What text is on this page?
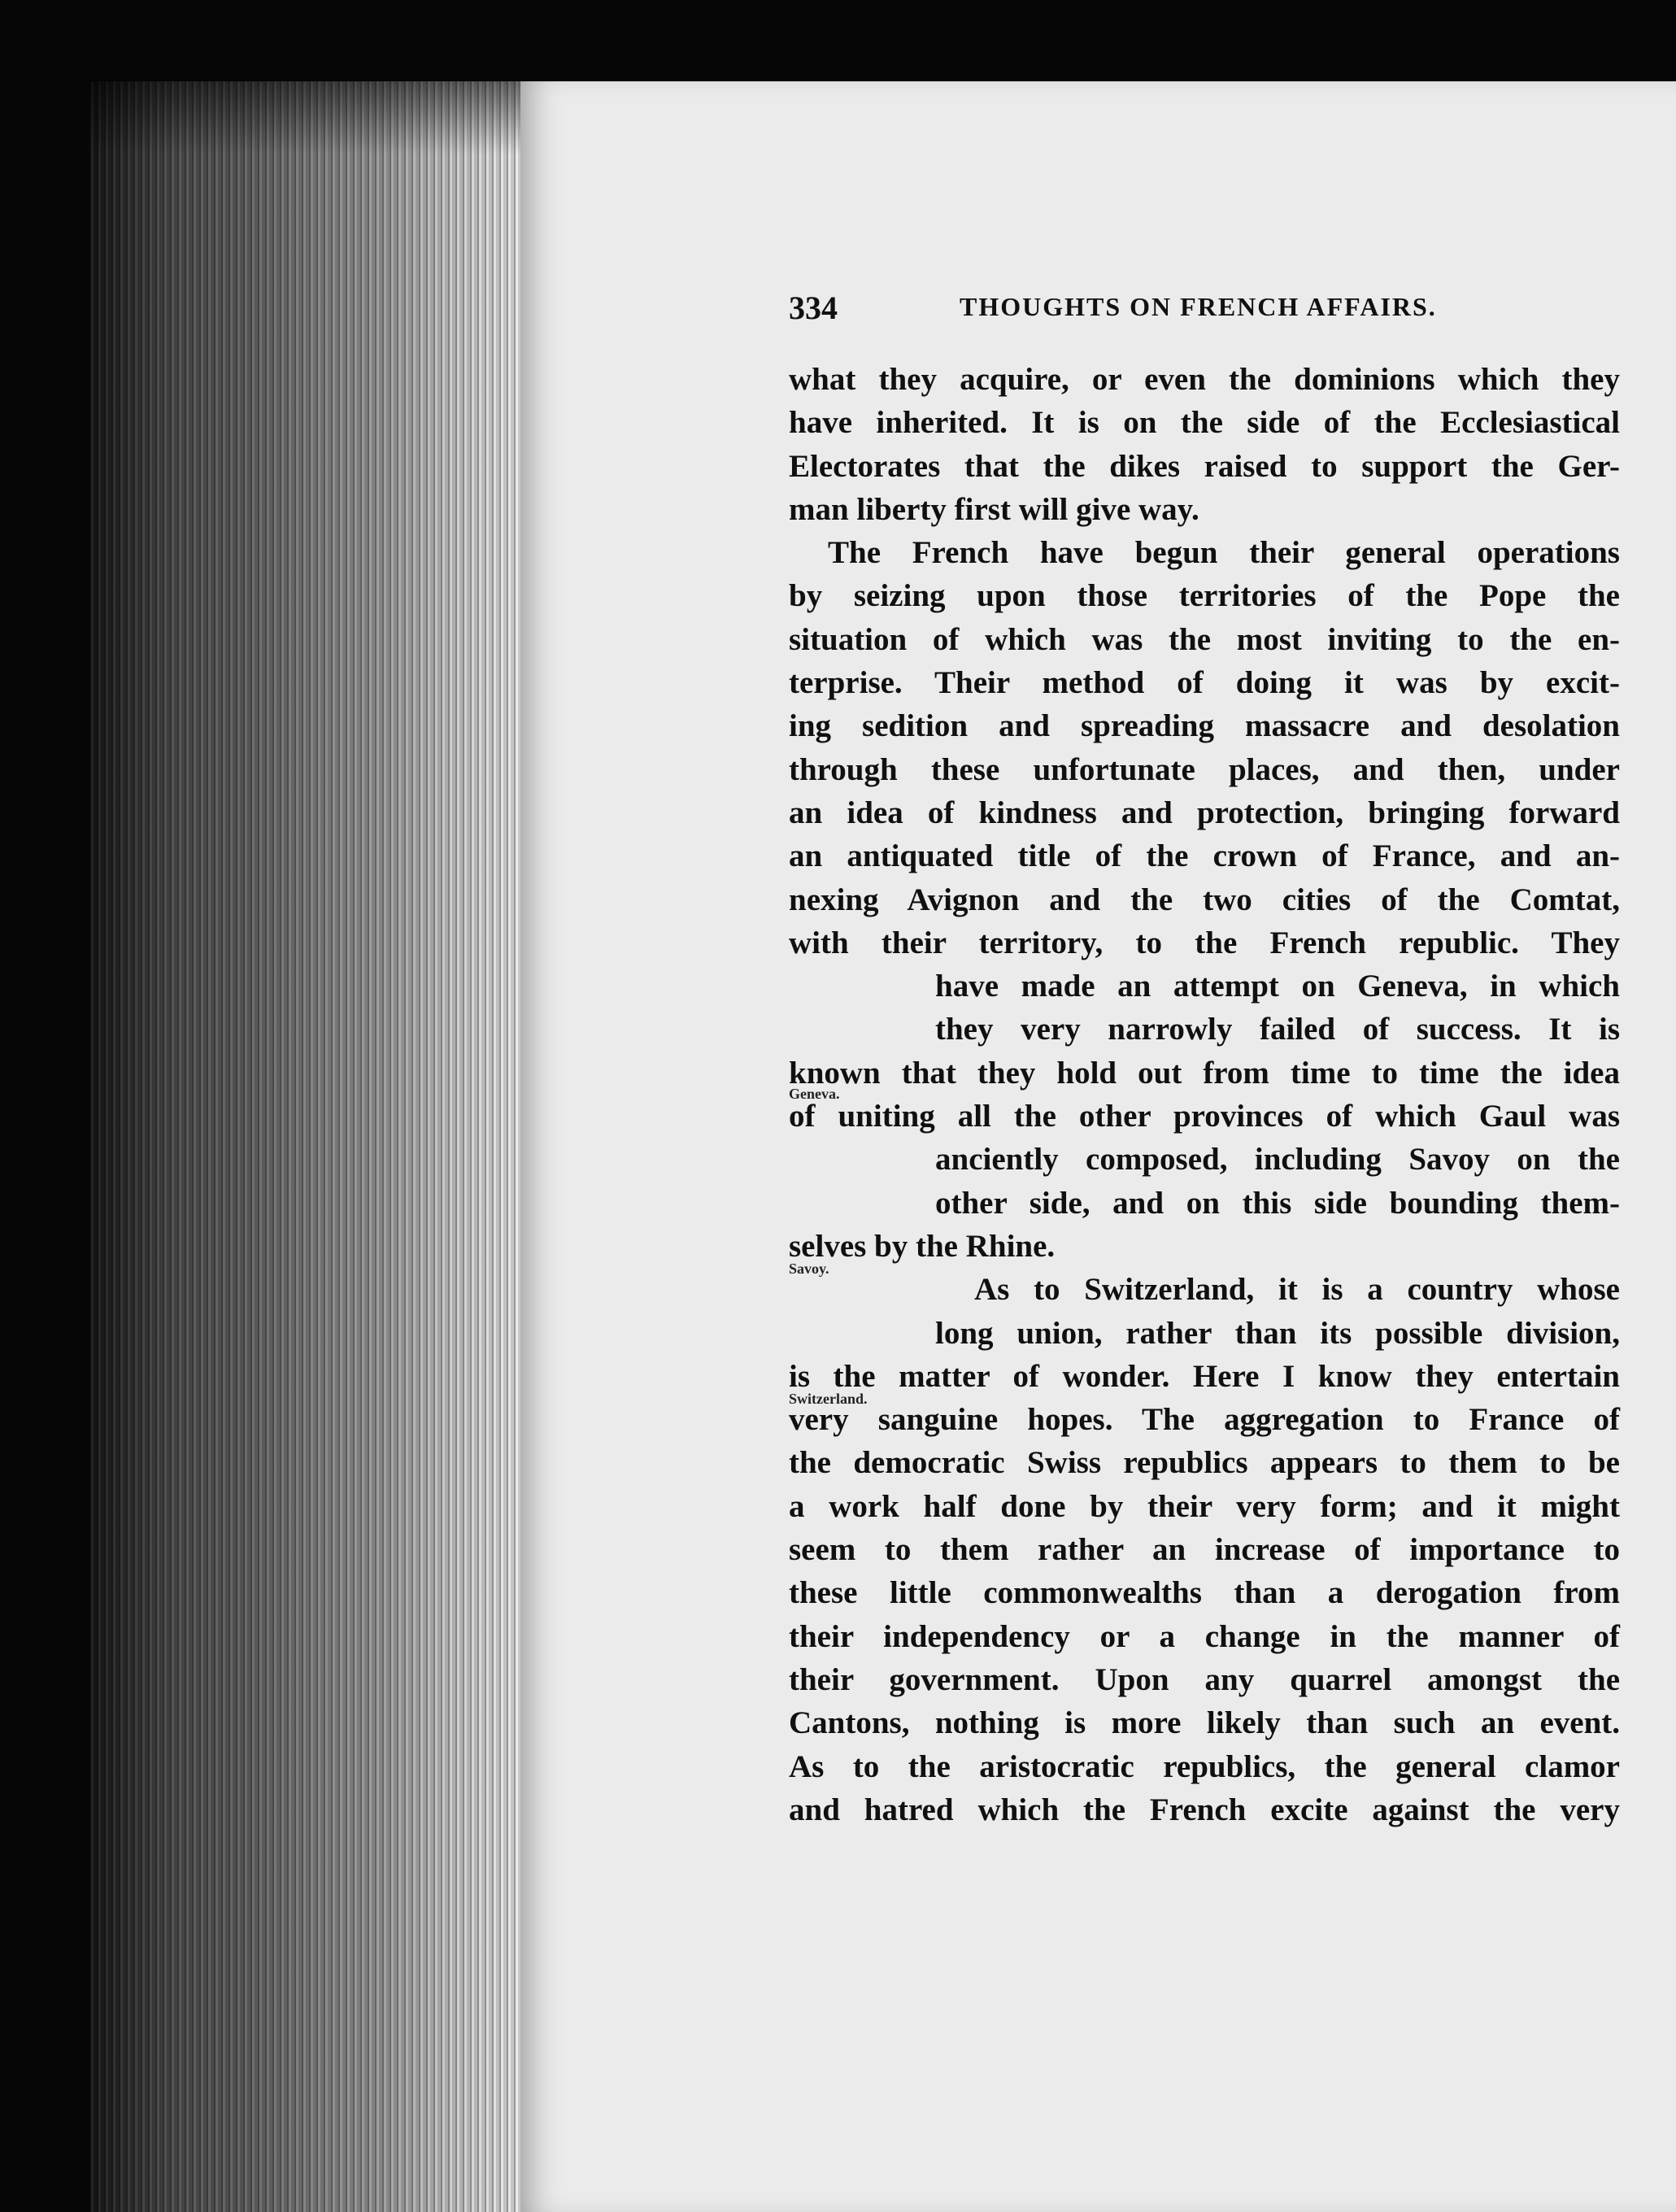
334	THOUGHTS ON FRENCH AFFAIRS.
Geneva.
Savoy.
Switzerland.
what they acquire, or even the dominions which they
have inherited. It is on the side of the Ecclesiastical
Electorates that the dikes raised to support the Ger-
man liberty first will give way.
The French have begun their general operations
by seizing upon those territories of the Pope the
situation of which was the most inviting to the en-
terprise. Their method of doing it was by excit-
ing sedition and spreading massacre and desolation
through these unfortunate places, and then, under
an idea of kindness and protection, bringing forward
an antiquated title of the crown of France, and an-
nexing Avignon and the two cities of the Comtat,
with their territory, to the French republic. They
have made an attempt on Geneva, in which
they very narrowly failed of success. It is
known that they hold out from time to time the idea
of uniting all the other provinces of which Gaul was
anciently composed, including Savoy on the
other side, and on this side bounding them-
selves by the Rhine.
As to Switzerland, it is a country whose
long union, rather than its possible division,
is the matter of wonder. Here I know they entertain
very sanguine hopes. The aggregation to France of
the democratic Swiss republics appears to them to be
a work half done by their very form; and it might
seem to them rather an increase of importance to
these little commonwealths than a derogation from
their independency or a change in the manner of
their government. Upon any quarrel amongst the
Cantons, nothing is more likely than such an event.
As to the aristocratic republics, the general clamor
and hatred which the French excite against the very
